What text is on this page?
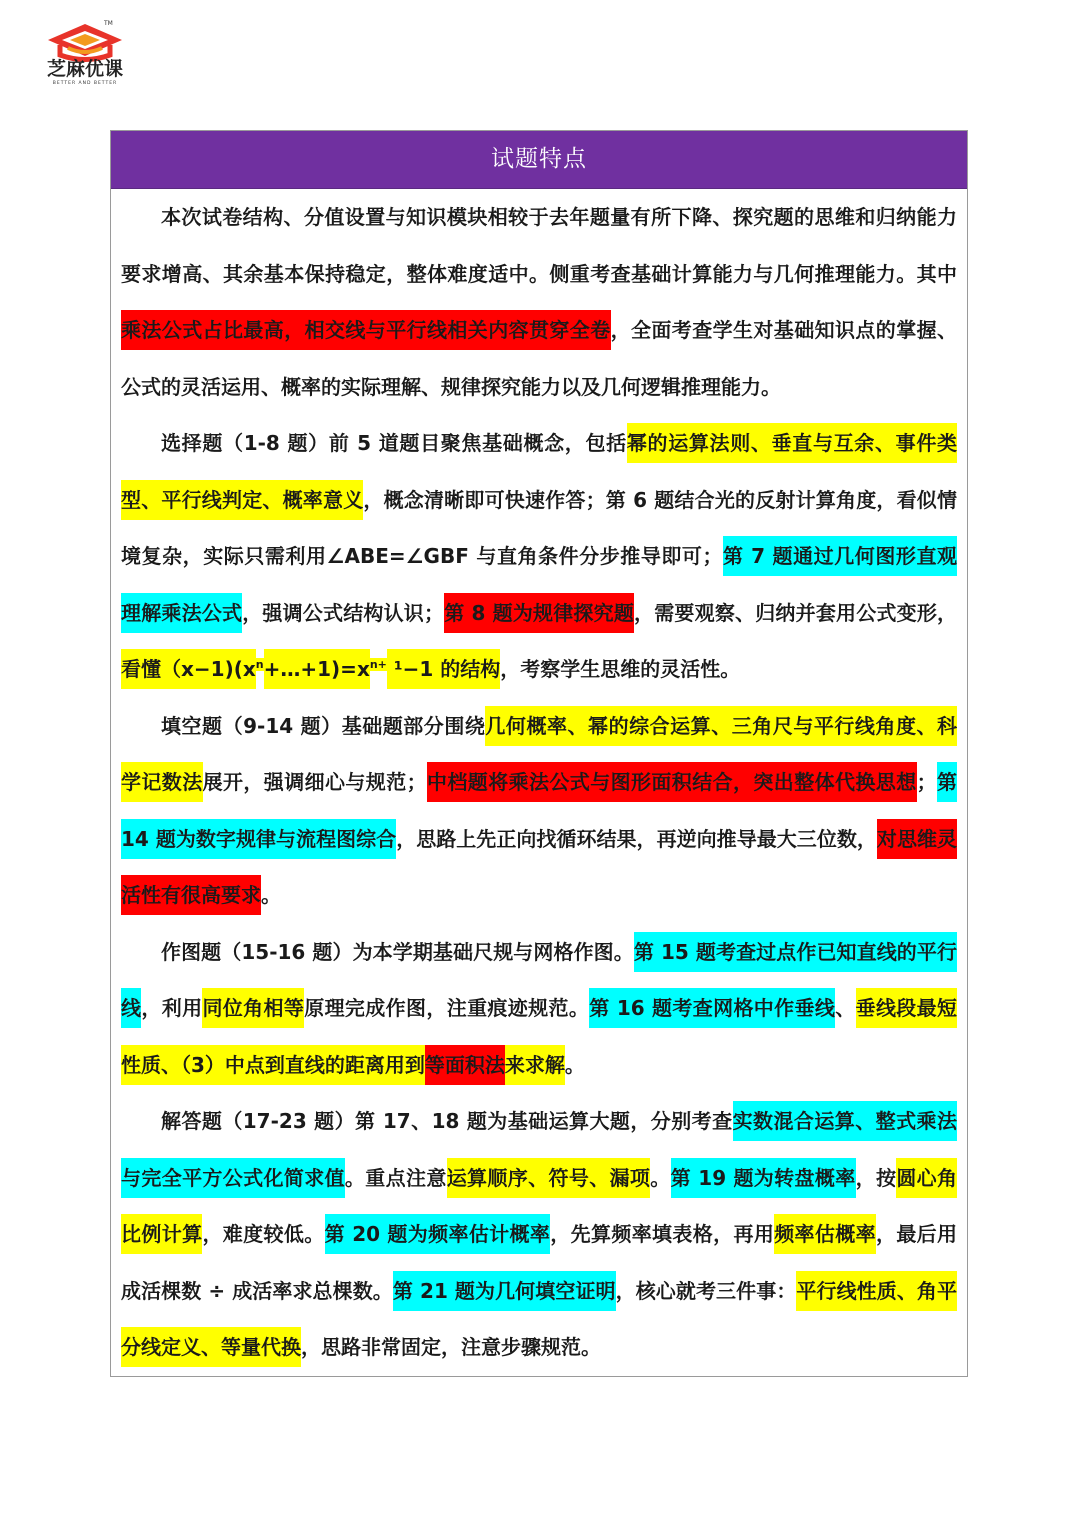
TM
芝麻优课
BETTER AND BETTER
试题特点

本次试卷结构、分值设置与知识模块相较于去年题量有所下降、探究题的思维和归纳能力要求增高、其余基本保持稳定，整体难度适中。侧重考查基础计算能力与几何推理能力。其中乘法公式占比最高，相交线与平行线相关内容贯穿全卷，全面考查学生对基础知识点的掌握、公式的灵活运用、概率的实际理解、规律探究能力以及几何逻辑推理能力。

选择题（1-8 题）前 5 道题目聚焦基础概念，包括幂的运算法则、垂直与互余、事件类型、平行线判定、概率意义，概念清晰即可快速作答；第 6 题结合光的反射计算角度，看似情境复杂，实际只需利用∠ABE=∠GBF 与直角条件分步推导即可；第 7 题通过几何图形直观理解乘法公式，强调公式结构认识；第 8 题为规律探究题，需要观察、归纳并套用公式变形，看懂$(x-1)(x^n+\dots+1)=x^{n+}$ ¹−1 的结构，考察学生思维的灵活性。

填空题（9-14 题）基础题部分围绕几何概率、幂的综合运算、三角尺与平行线角度、科学记数法展开，强调细心与规范；中档题将乘法公式与图形面积结合，突出整体代换思想；第 14 题为数字规律与流程图综合，思路上先正向找循环结果，再逆向推导最大三位数，对思维灵活性有很高要求。

作图题（15-16 题）为本学期基础尺规与网格作图。第 15 题考查过点作已知直线的平行线，利用同位角相等原理完成作图，注重痕迹规范。第 16 题考查网格中作垂线、垂线段最短性质、（3）中点到直线的距离用到等面积法来求解。

解答题（17-23 题）第 17、18 题为基础运算大题，分别考查实数混合运算、整式乘法与完全平方公式化简求值。重点注意运算顺序、符号、漏项。第 19 题为转盘概率，按圆心角比例计算，难度较低。第 20 题为频率估计概率，先算频率填表格，再用频率估概率，最后用成活棵数 ÷ 成活率求总棵数。第 21 题为几何填空证明，核心就考三件事：平行线性质、角平分线定义、等量代换，思路非常固定，注意步骤规范。
